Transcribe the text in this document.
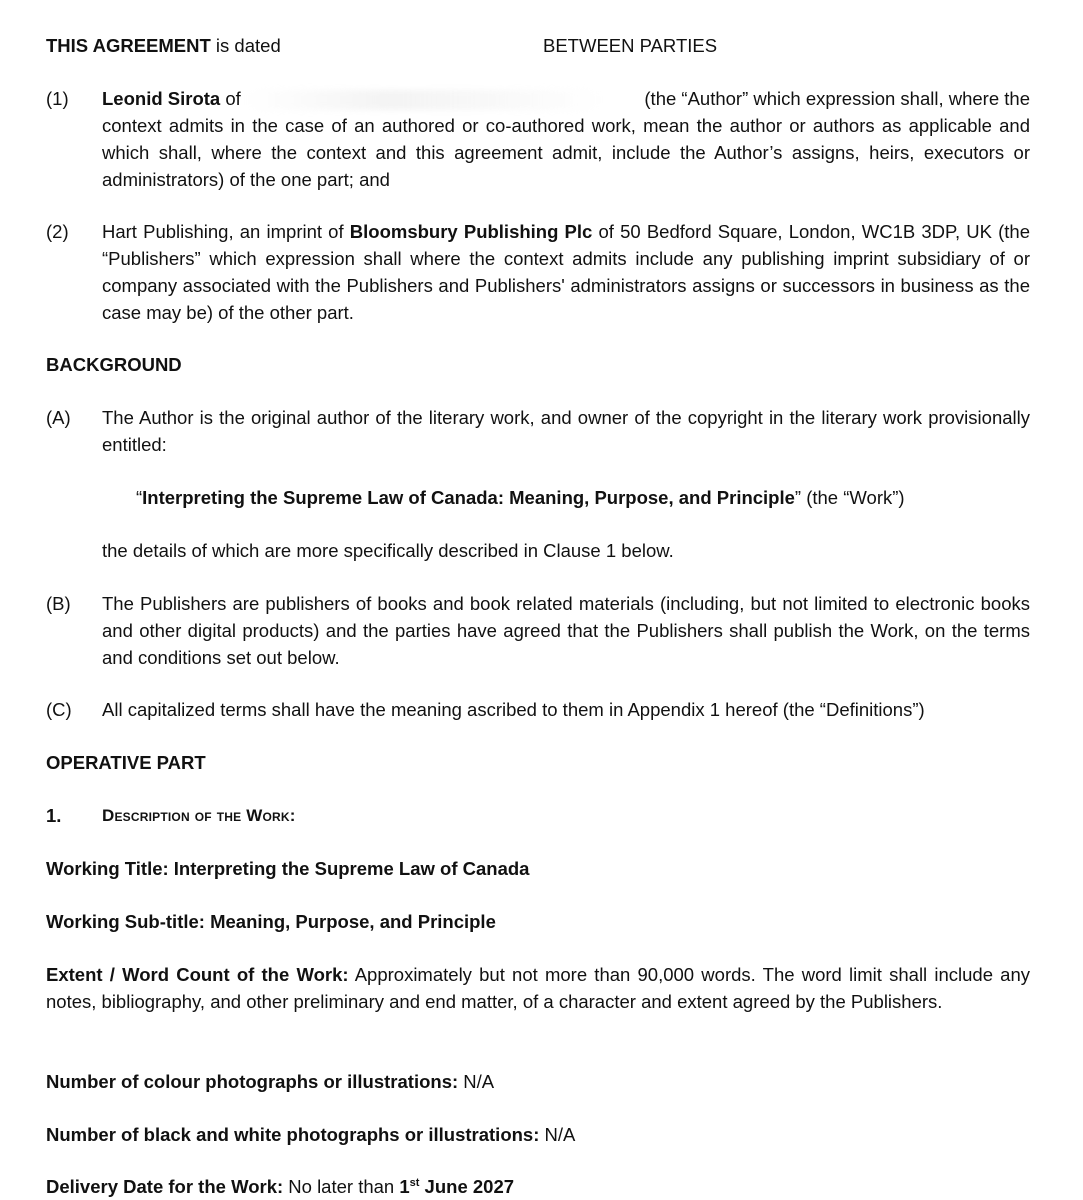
THIS AGREEMENT is dated	BETWEEN PARTIES
(1) Leonid Sirota of	(the “Author” which expression shall, where the
context admits in the case of an authored or co-authored work, mean the author or authors as applicable and which shall, where the context and this agreement admit, include the Author’s assigns, heirs, executors or administrators) of the one part; and
(2) Hart Publishing, an imprint of Bloomsbury Publishing Plc of 50 Bedford Square, London, WC1B 3DP, UK (the “Publishers” which expression shall where the context admits include any publishing imprint subsidiary of or company associated with the Publishers and Publishers' administrators assigns or successors in business as the case may be) of the other part.
BACKGROUND
(A) The Author is the original author of the literary work, and owner of the copyright in the literary work provisionally entitled:
“Interpreting the Supreme Law of Canada: Meaning, Purpose, and Principle” (the “Work”)
the details of which are more specifically described in Clause 1 below.
(B) The Publishers are publishers of books and book related materials (including, but not limited to electronic books and other digital products) and the parties have agreed that the Publishers shall publish the Work, on the terms and conditions set out below.
(C) All capitalized terms shall have the meaning ascribed to them in Appendix 1 hereof (the “Definitions”)
OPERATIVE PART
1. Description of the Work:
Working Title: Interpreting the Supreme Law of Canada
Working Sub-title: Meaning, Purpose, and Principle
Extent / Word Count of the Work: Approximately but not more than 90,000 words. The word limit shall include any notes, bibliography, and other preliminary and end matter, of a character and extent agreed by the Publishers.
Number of colour photographs or illustrations: N/A
Number of black and white photographs or illustrations: N/A
Delivery Date for the Work: No later than 1st June 2027
